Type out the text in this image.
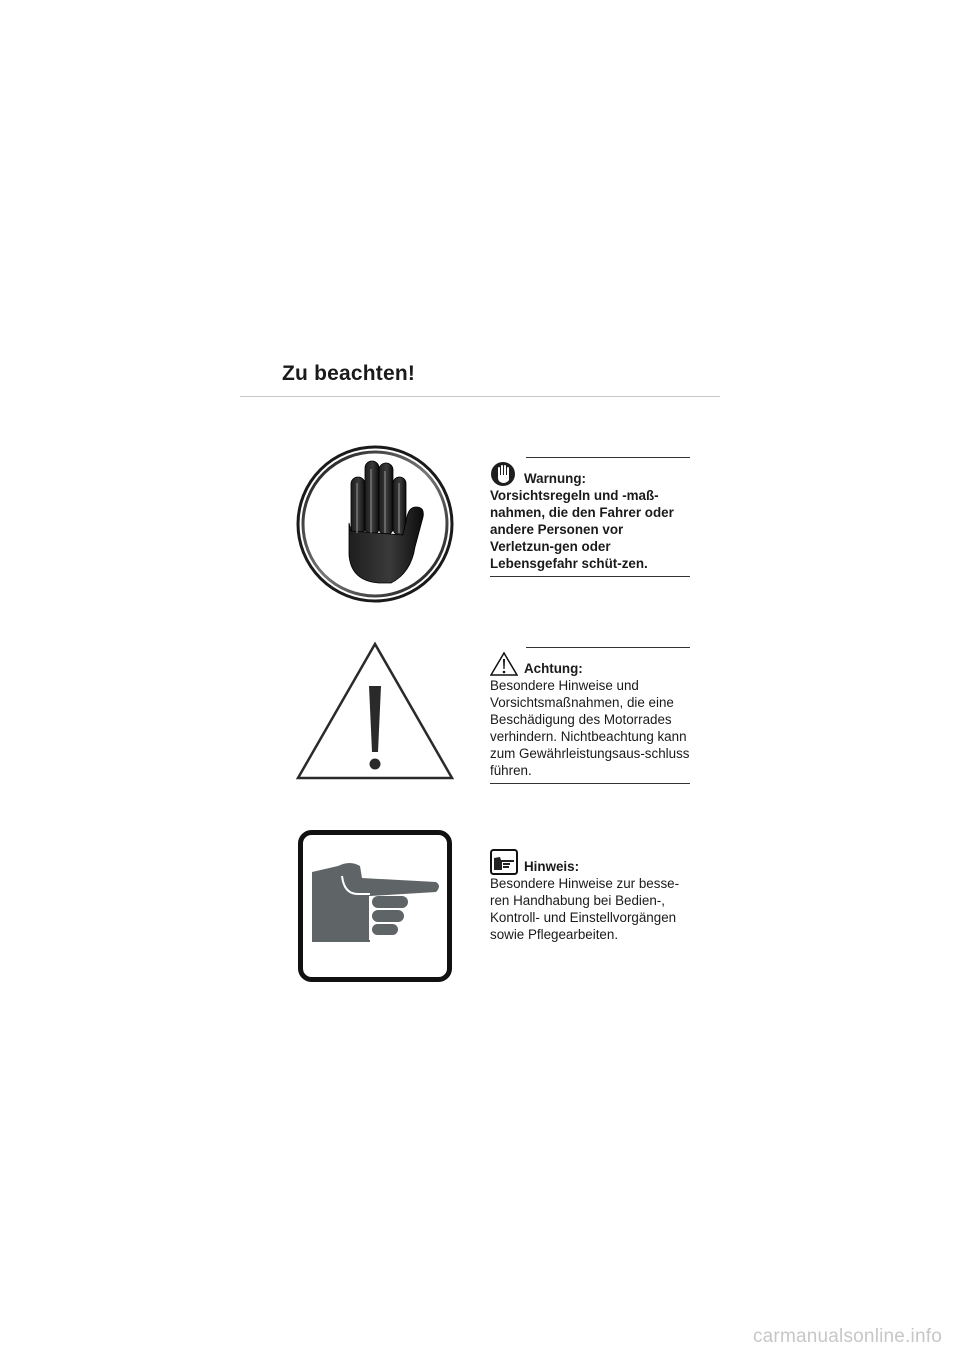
Zu beachten!
Warnung:

Vorsichtsregeln und -maß-nahmen, die den Fahrer oder andere Personen vor Verletzun-gen oder Lebensgefahr schüt-zen.

Achtung:

Besondere Hinweise und Vorsichtsmaßnahmen, die eine Beschädigung des Motorrades verhindern. Nichtbeachtung kann zum Gewährleistungsaus-schluss führen.

Hinweis:

Besondere Hinweise zur besse-ren Handhabung bei Bedien-, Kontroll- und Einstellvorgängen sowie Pflegearbeiten.

carmanualsonline.info
